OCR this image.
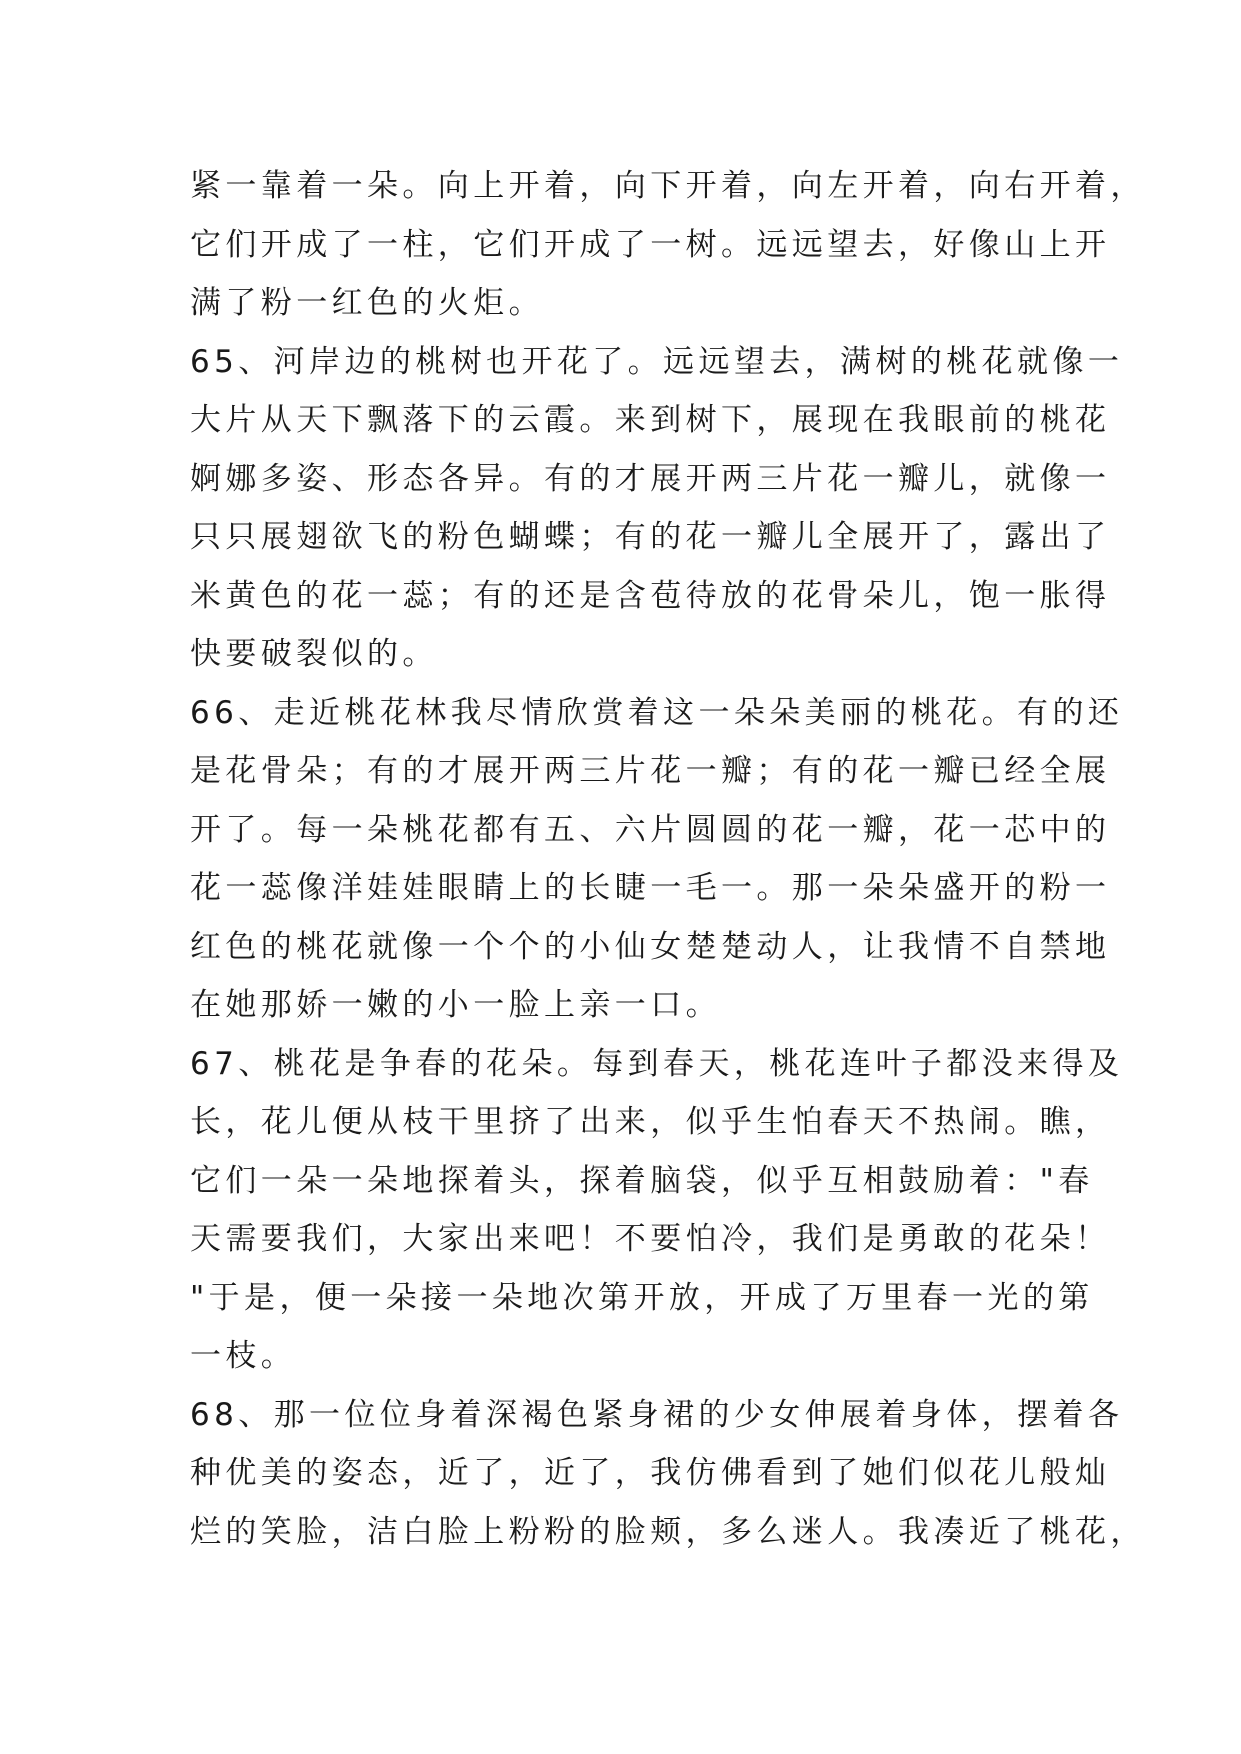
紧一靠着一朵。向上开着，向下开着，向左开着，向右开着，
它们开成了一柱，它们开成了一树。远远望去，好像山上开
满了粉一红色的火炬。
65、河岸边的桃树也开花了。远远望去，满树的桃花就像一
大片从天下飘落下的云霞。来到树下，展现在我眼前的桃花
婀娜多姿、形态各异。有的才展开两三片花一瓣儿，就像一
只只展翅欲飞的粉色蝴蝶；有的花一瓣儿全展开了，露出了
米黄色的花一蕊；有的还是含苞待放的花骨朵儿，饱一胀得
快要破裂似的。
66、走近桃花林我尽情欣赏着这一朵朵美丽的桃花。有的还
是花骨朵；有的才展开两三片花一瓣；有的花一瓣已经全展
开了。每一朵桃花都有五、六片圆圆的花一瓣，花一芯中的
花一蕊像洋娃娃眼睛上的长睫一毛一。那一朵朵盛开的粉一
红色的桃花就像一个个的小仙女楚楚动人，让我情不自禁地
在她那娇一嫩的小一脸上亲一口。
67、桃花是争春的花朵。每到春天，桃花连叶子都没来得及
长，花儿便从枝干里挤了出来，似乎生怕春天不热闹。瞧，
它们一朵一朵地探着头，探着脑袋，似乎互相鼓励着："春
天需要我们，大家出来吧！不要怕冷，我们是勇敢的花朵！
"于是，便一朵接一朵地次第开放，开成了万里春一光的第
一枝。
68、那一位位身着深褐色紧身裙的少女伸展着身体，摆着各
种优美的姿态，近了，近了，我仿佛看到了她们似花儿般灿
烂的笑脸，洁白脸上粉粉的脸颊，多么迷人。我凑近了桃花，
